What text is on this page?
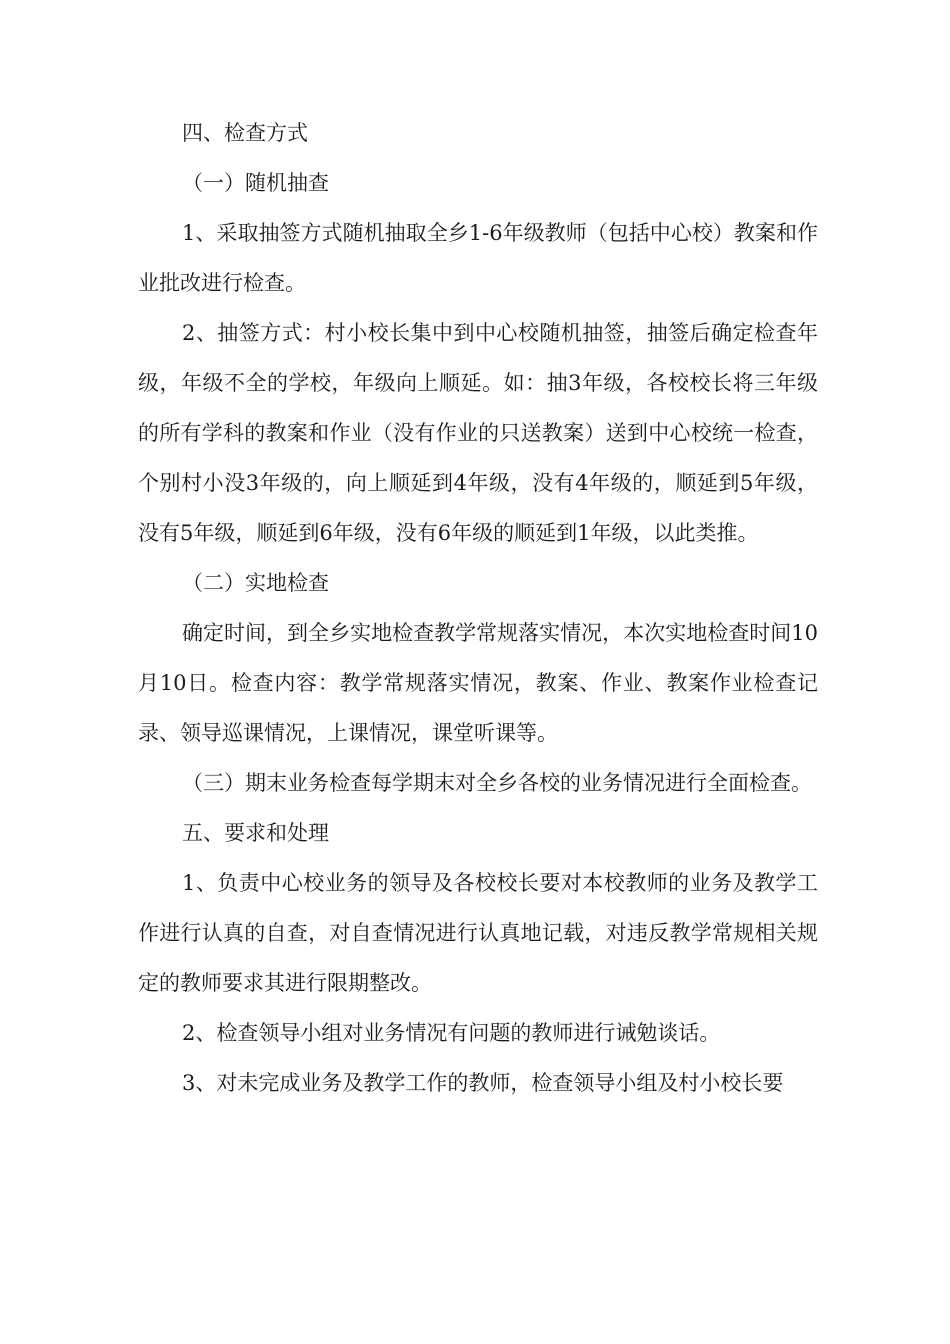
四、检查方式

（一）随机抽查

1、采取抽签方式随机抽取全乡1-6年级教师（包括中心校）教案和作业批改进行检查。

2、抽签方式：村小校长集中到中心校随机抽签，抽签后确定检查年级，年级不全的学校，年级向上顺延。如：抽3年级，各校校长将三年级的所有学科的教案和作业（没有作业的只送教案）送到中心校统一检查，个别村小没3年级的，向上顺延到4年级，没有4年级的，顺延到5年级，没有5年级，顺延到6年级，没有6年级的顺延到1年级，以此类推。

（二）实地检查

确定时间，到全乡实地检查教学常规落实情况，本次实地检查时间10月10日。检查内容：教学常规落实情况，教案、作业、教案作业检查记录、领导巡课情况，上课情况，课堂听课等。

（三）期末业务检查每学期末对全乡各校的业务情况进行全面检查。

五、要求和处理

1、负责中心校业务的领导及各校校长要对本校教师的业务及教学工作进行认真的自查，对自查情况进行认真地记载，对违反教学常规相关规定的教师要求其进行限期整改。

2、检查领导小组对业务情况有问题的教师进行诫勉谈话。

3、对未完成业务及教学工作的教师，检查领导小组及村小校长要
